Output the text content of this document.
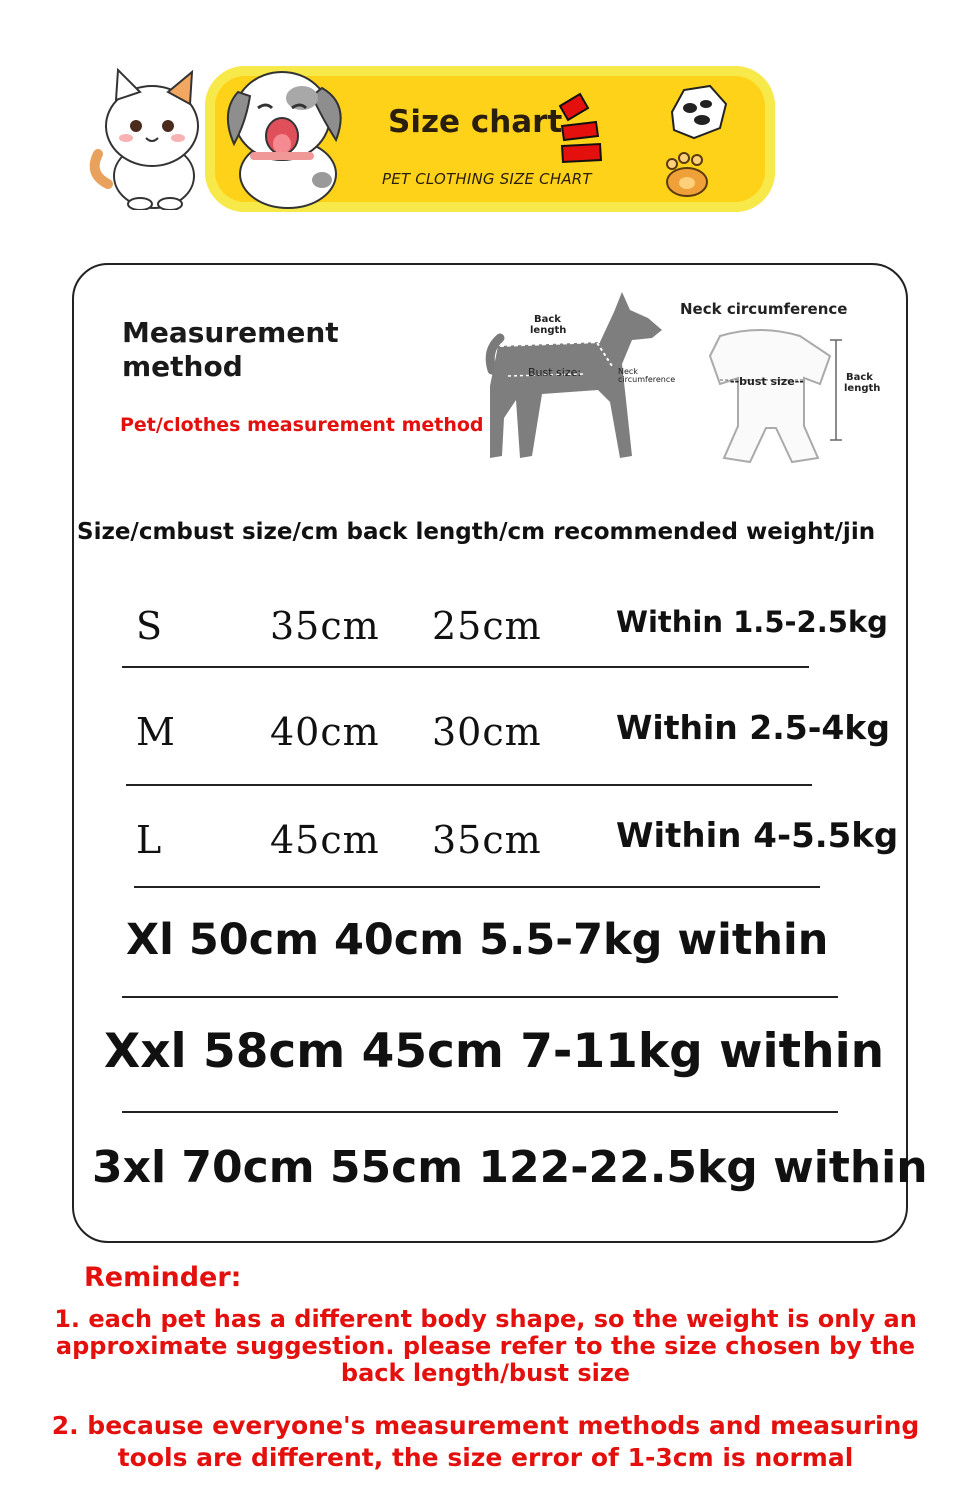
Size chart
PET CLOTHING SIZE CHART
Measurement
method
Pet/clothes measurement method
Back
length
Bust size:	Neck
circumference
Neck circumference
--bust size--	Back
length
Size/cmbust size/cm back length/cm recommended weight/jin
S	35cm 25cm	Within 1.5-2.5kg
M 40cm 30cm Within 2.5-4kg
L	45cm 35cm Within 4-5.5kg
Xl 50cm 40cm 5.5-7kg within
Xxl 58cm 45cm 7-11kg within
3xl 70cm 55cm 122-22.5kg within
Reminder:
1. each pet has a different body shape, so the weight is only an
approximate suggestion. please refer to the size chosen by the
back length/bust size
2. because everyone's measurement methods and measuring
tools are different, the size error of 1-3cm is normal
